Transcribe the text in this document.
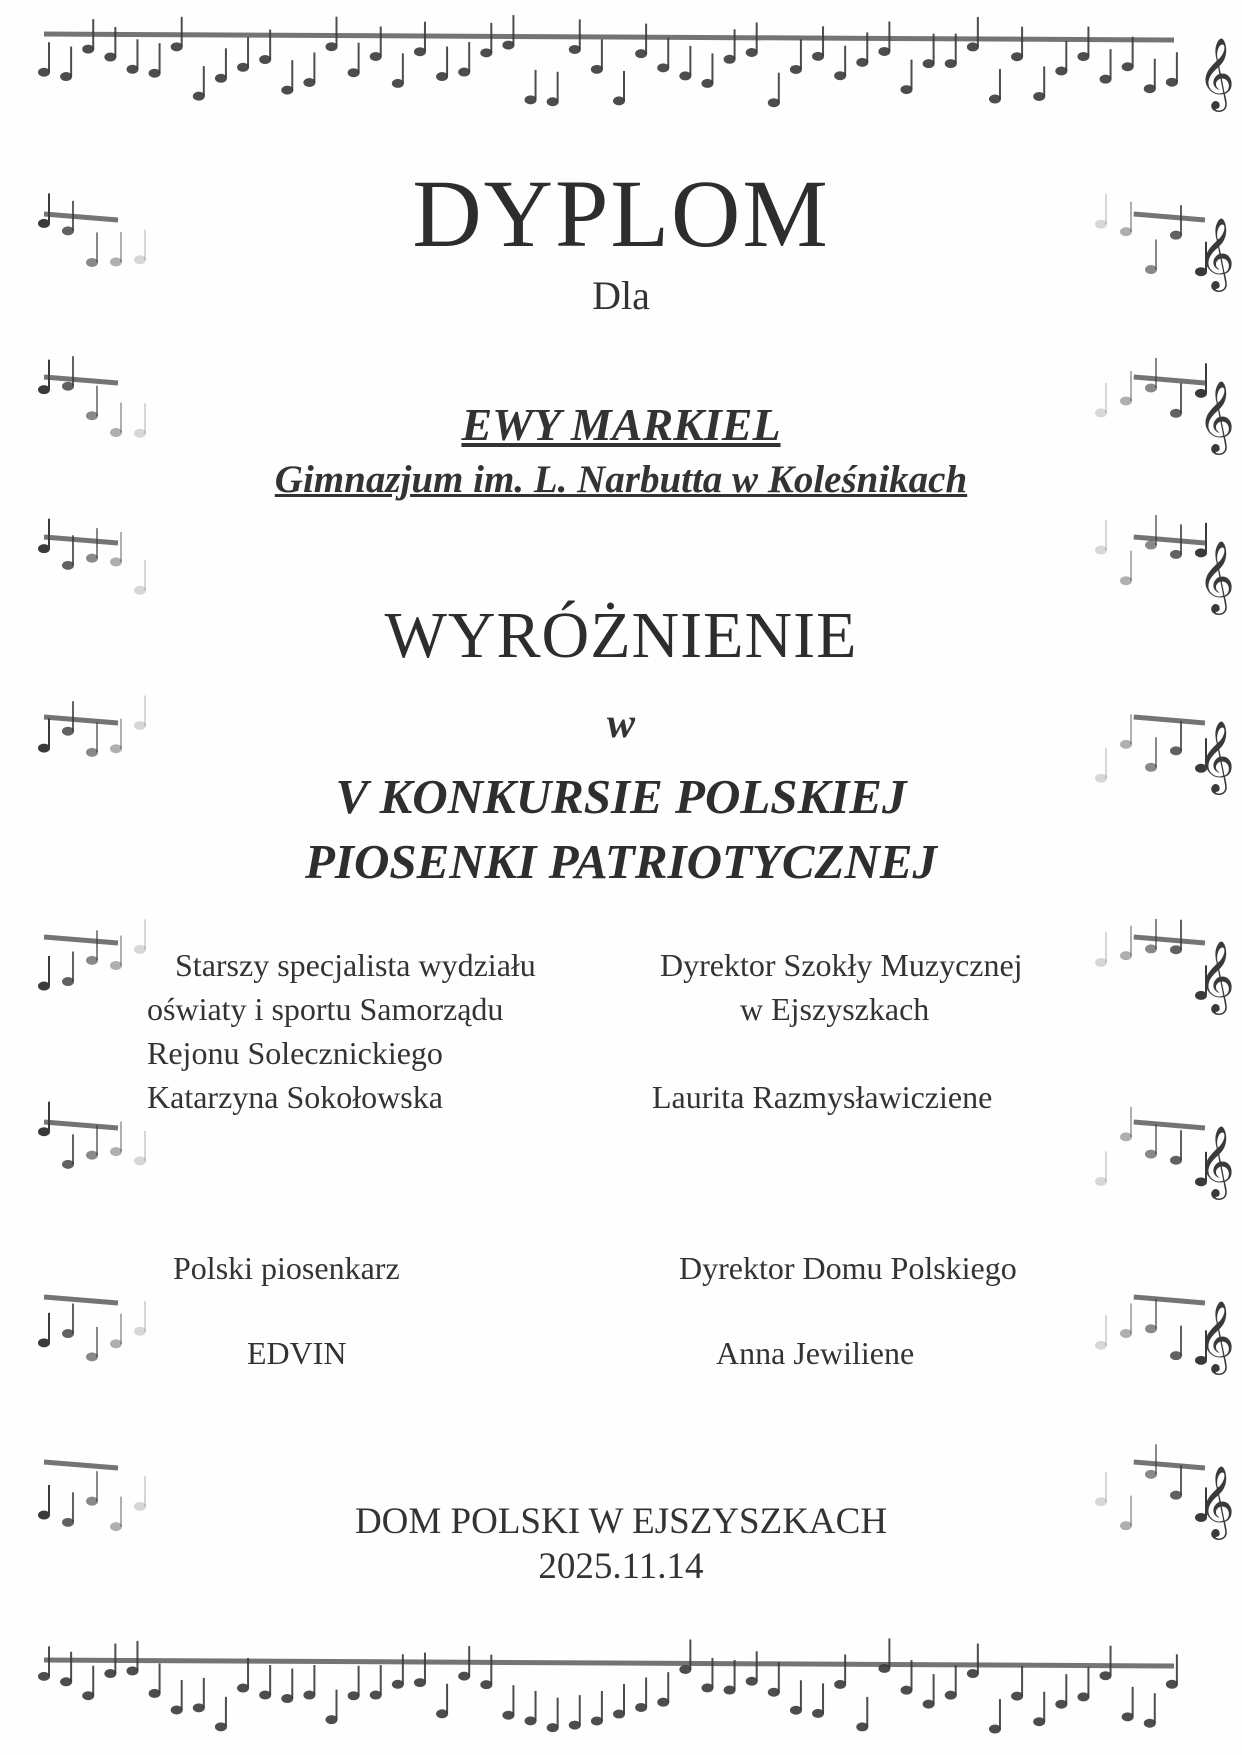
𝄞
𝄞
𝄞
𝄞
𝄞
𝄞
𝄞
𝄞
𝄞
DYPLOM
Dla
EWY MARKIEL
Gimnazjum im. L. Narbutta w Koleśnikach
WYRÓŻNIENIE
w
V KONKURSIE POLSKIEJ
PIOSENKI PATRIOTYCZNEJ
Starszy specjalista wydziału
oświaty i sportu Samorządu
Rejonu Solecznickiego
Katarzyna Sokołowska
Dyrektor Szokły Muzycznej
w Ejszyszkach
Laurita Razmysławicziene
Polski piosenkarz
EDVIN
Dyrektor Domu Polskiego
Anna Jewiliene
DOM POLSKI W EJSZYSZKACH
2025.11.14
